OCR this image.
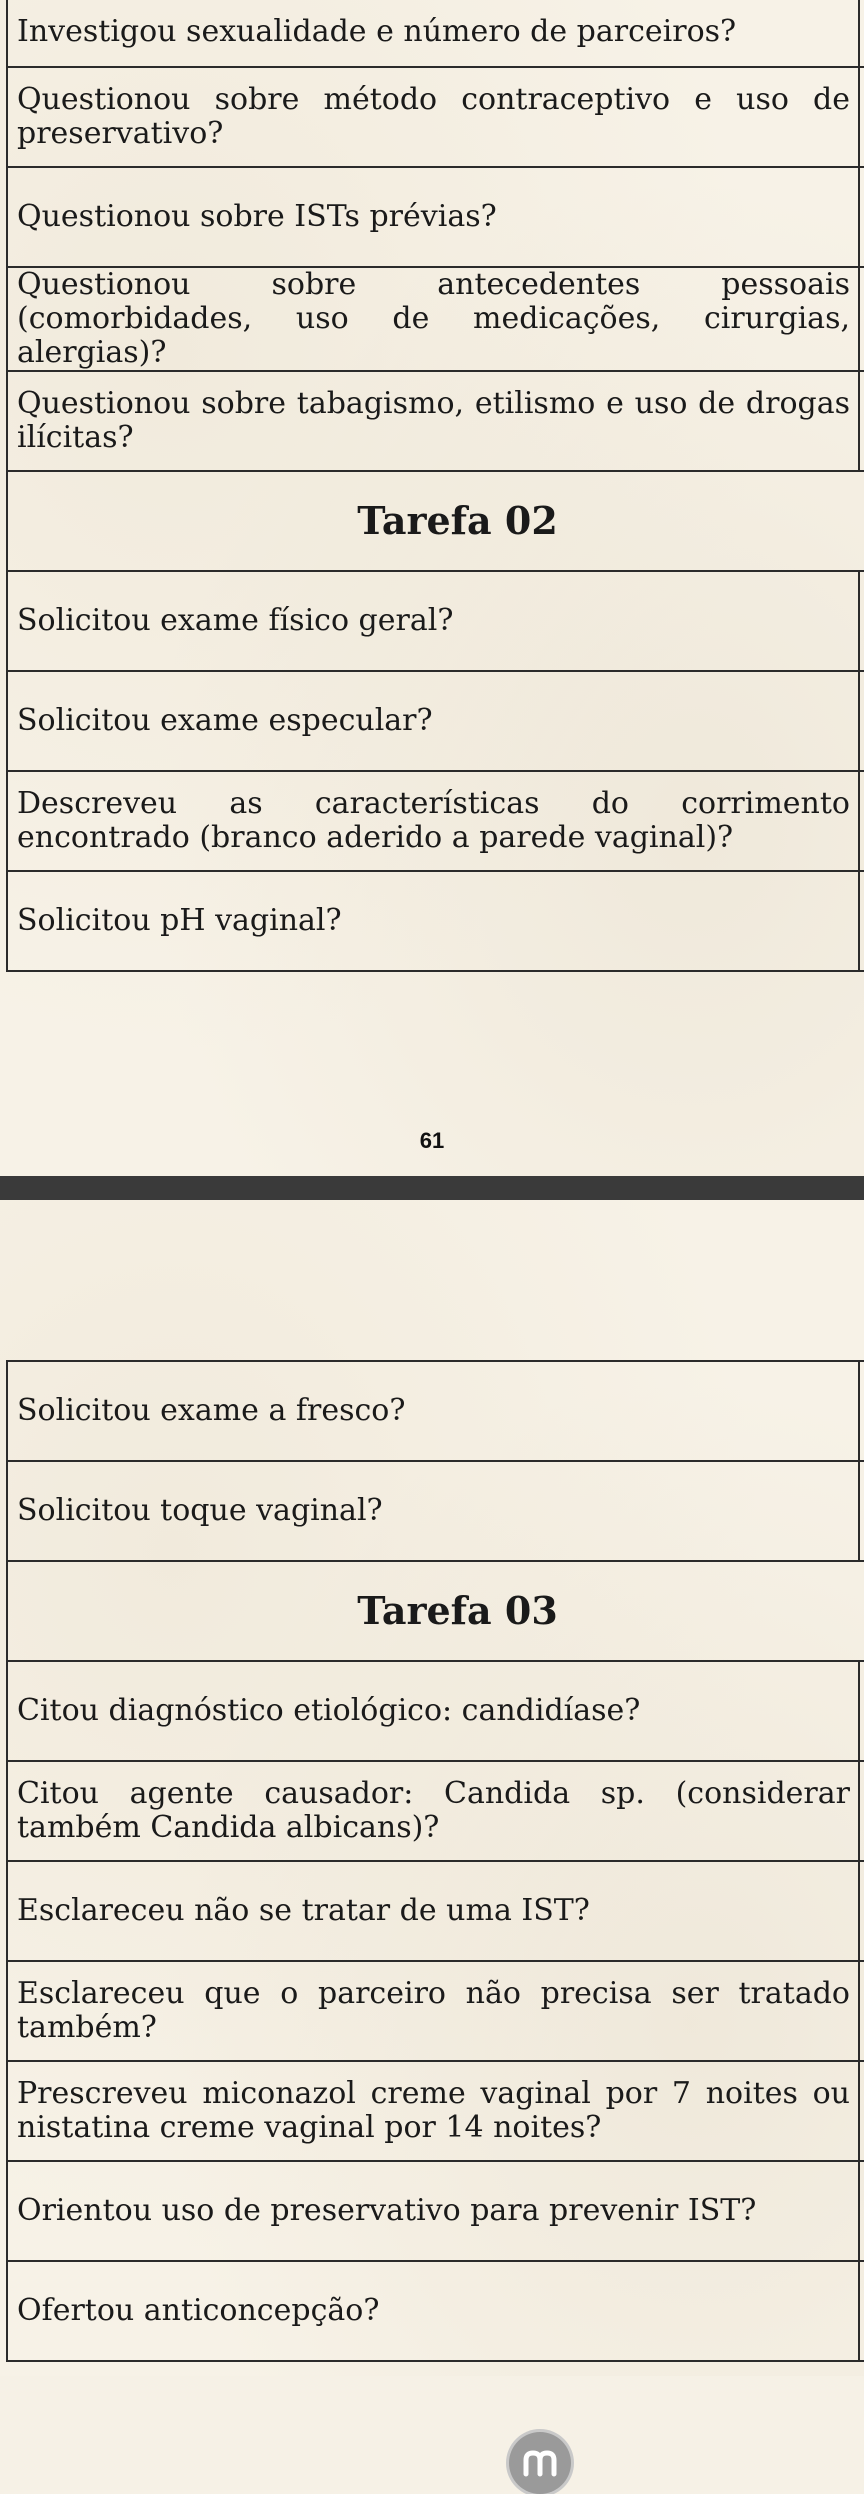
Investigou sexualidade e número de parceiros?	
Questionou sobre método contraceptivo e uso de preservativo?	
Questionou sobre ISTs prévias?	
Questionou sobre antecedentes pessoais (comorbidades, uso de medicações, cirurgias, alergias)?	
Questionou sobre tabagismo, etilismo e uso de drogas ilícitas?	
Tarefa 02	
Solicitou exame físico geral?	
Solicitou exame especular?	
Descreveu as características do corrimento encontrado (branco aderido a parede vaginal)?	
Solicitou pH vaginal?	
61
Solicitou exame a fresco?	
Solicitou toque vaginal?	
Tarefa 03	
Citou diagnóstico etiológico: candidíase?	
Citou agente causador: Candida sp. (considerar também Candida albicans)?	
Esclareceu não se tratar de uma IST?	
Esclareceu que o parceiro não precisa ser tratado também?	
Prescreveu miconazol creme vaginal por 7 noites ou nistatina creme vaginal por 14 noites?	
Orientou uso de preservativo para prevenir IST?	
Ofertou anticoncepção?	
